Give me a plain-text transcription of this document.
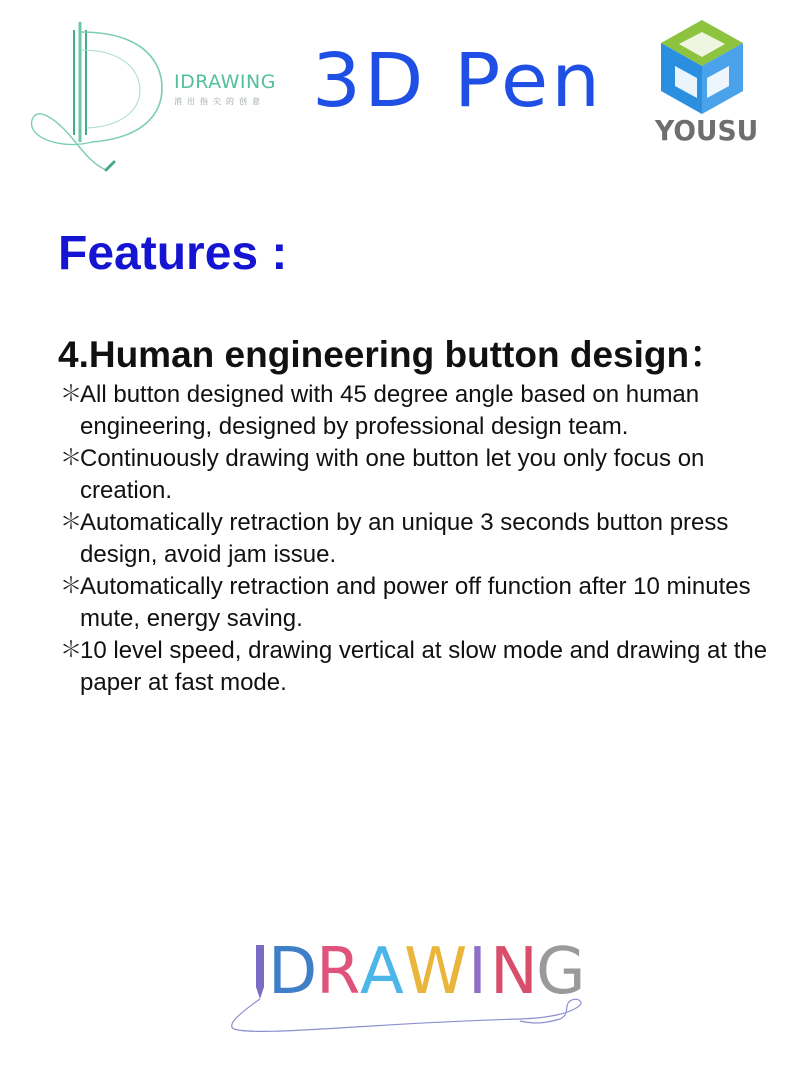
IDRAWING
消出指尖的创意 3D Pen
YOUSU
Features :
4.Human engineering button design：
＊
All button designed with 45 degree angle based on human engineering, designed by professional design team.
＊
Continuously drawing with one button let you only focus on creation.
＊
Automatically retraction by an unique 3 seconds button press design, avoid jam issue.
＊
Automatically retraction and power off function after 10 minutes mute, energy saving.
＊
10 level speed, drawing vertical at slow mode and drawing at the paper at fast mode.
D
R A W I N
G
